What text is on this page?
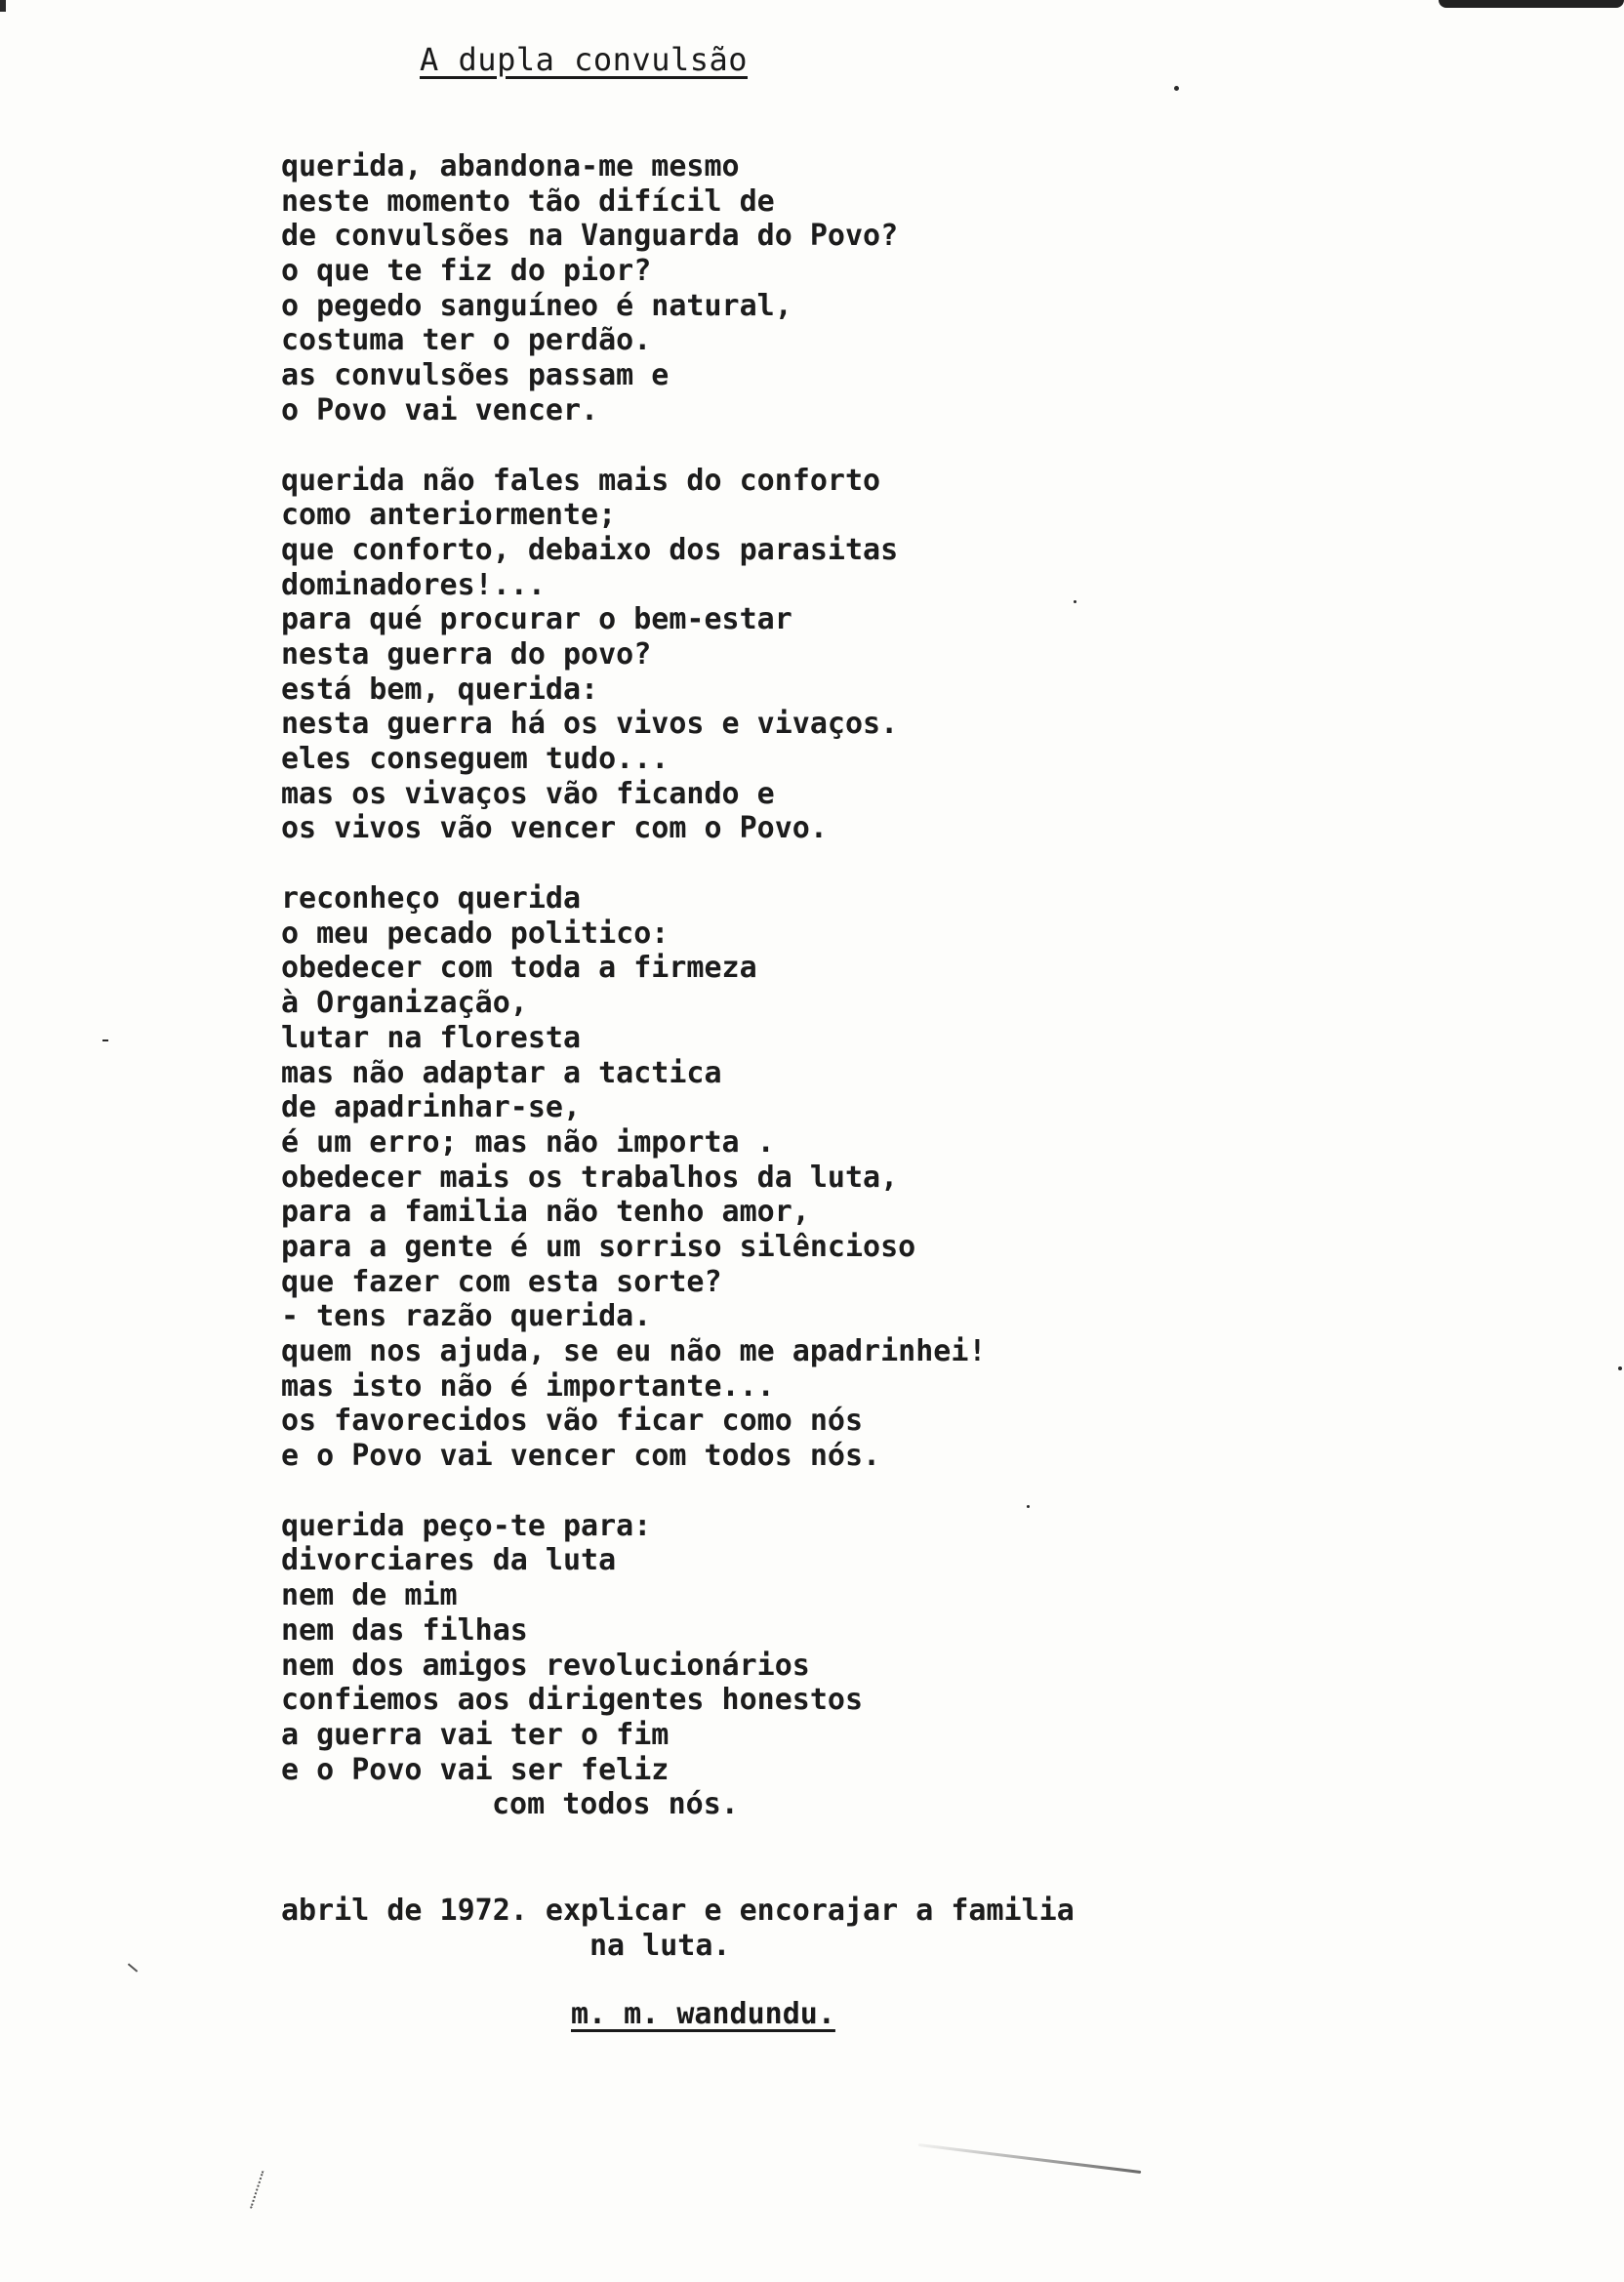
A dupla convulsão
querida, abandona-me mesmo
neste momento tão difícil de
de convulsões na Vanguarda do Povo?
o que te fiz do pior?
o pegedo sanguíneo é natural,
costuma ter o perdão.
as convulsões passam e
o Povo vai vencer.
querida não fales mais do conforto
como anteriormente;
que conforto, debaixo dos parasitas
dominadores!...
para qué procurar o bem-estar
nesta guerra do povo?
está bem, querida:
nesta guerra há os vivos e vivaços.
eles conseguem tudo...
mas os vivaços vão ficando e
os vivos vão vencer com o Povo.
reconheço querida
o meu pecado politico:
obedecer com toda a firmeza
à Organização,
lutar na floresta
mas não adaptar a tactica
de apadrinhar-se,
é um erro; mas não importa .
obedecer mais os trabalhos da luta,
para a familia não tenho amor,
para a gente é um sorriso silêncioso
que fazer com esta sorte?
- tens razão querida.
quem nos ajuda, se eu não me apadrinhei!
mas isto não é importante...
os favorecidos vão ficar como nós
e o Povo vai vencer com todos nós.
querida peço-te para:
divorciares da luta
nem de mim
nem das filhas
nem dos amigos revolucionários
confiemos aos dirigentes honestos
a guerra vai ter o fim
e o Povo vai ser feliz
com todos nós.
abril de 1972. explicar e encorajar a familia
na luta.
m. m. wandundu.
